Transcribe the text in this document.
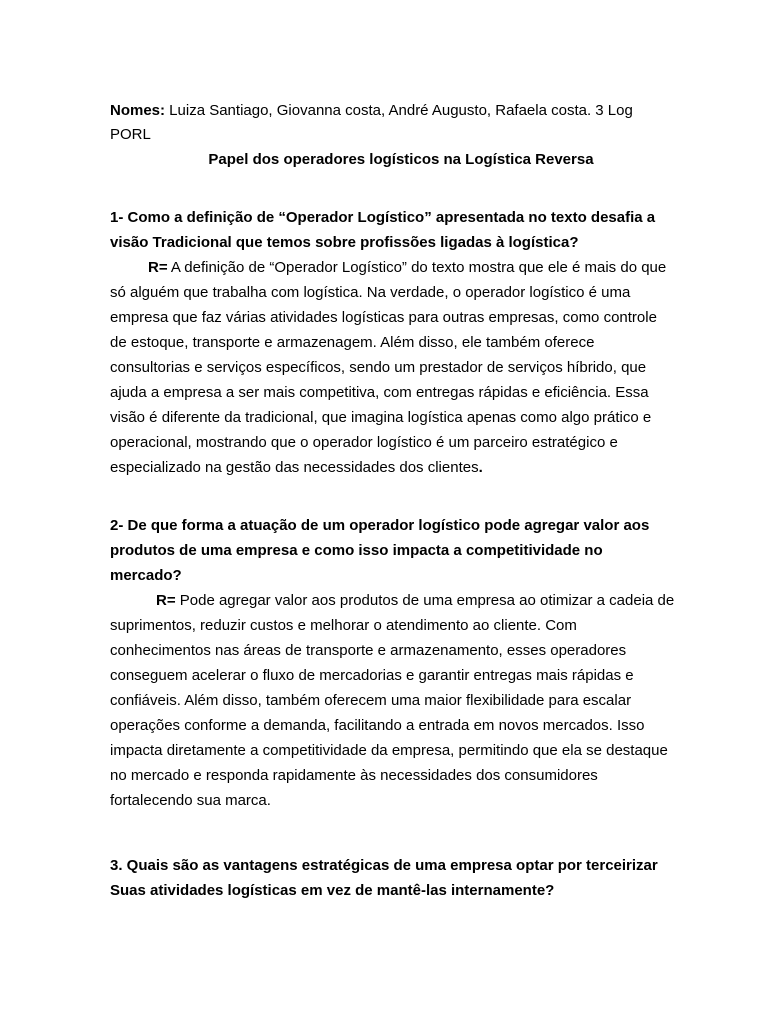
Nomes: Luiza Santiago, Giovanna costa, André Augusto, Rafaela costa. 3 Log
PORL
Papel dos operadores logísticos na Logística Reversa
1- Como a definição de “Operador Logístico” apresentada no texto desafia a
visão Tradicional que temos sobre profissões ligadas à logística?
R= A definição de “Operador Logístico” do texto mostra que ele é mais do que
só alguém que trabalha com logística. Na verdade, o operador logístico é uma
empresa que faz várias atividades logísticas para outras empresas, como controle
de estoque, transporte e armazenagem. Além disso, ele também oferece
consultorias e serviços específicos, sendo um prestador de serviços híbrido, que
ajuda a empresa a ser mais competitiva, com entregas rápidas e eficiência. Essa
visão é diferente da tradicional, que imagina logística apenas como algo prático e
operacional, mostrando que o operador logístico é um parceiro estratégico e
especializado na gestão das necessidades dos clientes.
2- De que forma a atuação de um operador logístico pode agregar valor aos
produtos de uma empresa e como isso impacta a competitividade no
mercado?
R= Pode agregar valor aos produtos de uma empresa ao otimizar a cadeia de
suprimentos, reduzir custos e melhorar o atendimento ao cliente. Com
conhecimentos nas áreas de transporte e armazenamento, esses operadores
conseguem acelerar o fluxo de mercadorias e garantir entregas mais rápidas e
confiáveis. Além disso, também oferecem uma maior flexibilidade para escalar
operações conforme a demanda, facilitando a entrada em novos mercados. Isso
impacta diretamente a competitividade da empresa, permitindo que ela se destaque
no mercado e responda rapidamente às necessidades dos consumidores
fortalecendo sua marca.
3. Quais são as vantagens estratégicas de uma empresa optar por terceirizar
Suas atividades logísticas em vez de mantê-las internamente?
